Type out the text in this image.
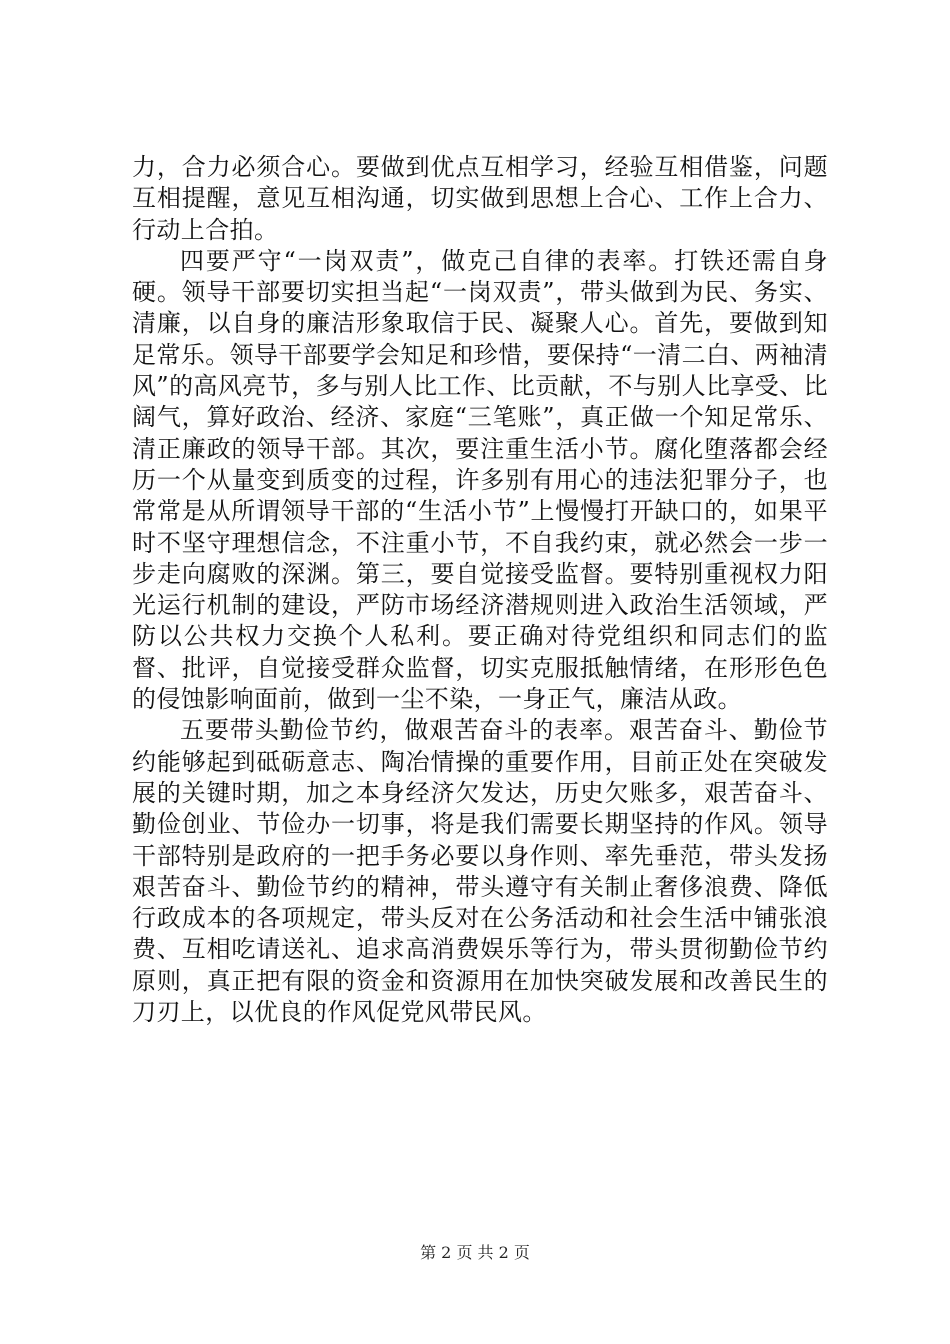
力，合力必须合心。要做到优点互相学习，经验互相借鉴，问题互相提醒，意见互相沟通，切实做到思想上合心、工作上合力、行动上合拍。

四要严守“一岗双责”，做克己自律的表率。打铁还需自身硬。领导干部要切实担当起“一岗双责”，带头做到为民、务实、清廉，以自身的廉洁形象取信于民、凝聚人心。首先，要做到知足常乐。领导干部要学会知足和珍惜，要保持“一清二白、两袖清风”的高风亮节，多与别人比工作、比贡献，不与别人比享受、比阔气，算好政治、经济、家庭“三笔账”，真正做一个知足常乐、清正廉政的领导干部。其次，要注重生活小节。腐化堕落都会经历一个从量变到质变的过程，许多别有用心的违法犯罪分子，也常常是从所谓领导干部的“生活小节”上慢慢打开缺口的，如果平时不坚守理想信念，不注重小节，不自我约束，就必然会一步一步走向腐败的深渊。第三，要自觉接受监督。要特别重视权力阳光运行机制的建设，严防市场经济潜规则进入政治生活领域，严防以公共权力交换个人私利。要正确对待党组织和同志们的监督、批评，自觉接受群众监督，切实克服抵触情绪，在形形色色的侵蚀影响面前，做到一尘不染，一身正气，廉洁从政。

五要带头勤俭节约，做艰苦奋斗的表率。艰苦奋斗、勤俭节约能够起到砥砺意志、陶冶情操的重要作用，目前正处在突破发展的关键时期，加之本身经济欠发达，历史欠账多，艰苦奋斗、勤俭创业、节俭办一切事，将是我们需要长期坚持的作风。领导干部特别是政府的一把手务必要以身作则、率先垂范，带头发扬艰苦奋斗、勤俭节约的精神，带头遵守有关制止奢侈浪费、降低行政成本的各项规定，带头反对在公务活动和社会生活中铺张浪费、互相吃请送礼、追求高消费娱乐等行为，带头贯彻勤俭节约原则，真正把有限的资金和资源用在加快突破发展和改善民生的刀刃上，以优良的作风促党风带民风。

第 2 页 共 2 页
